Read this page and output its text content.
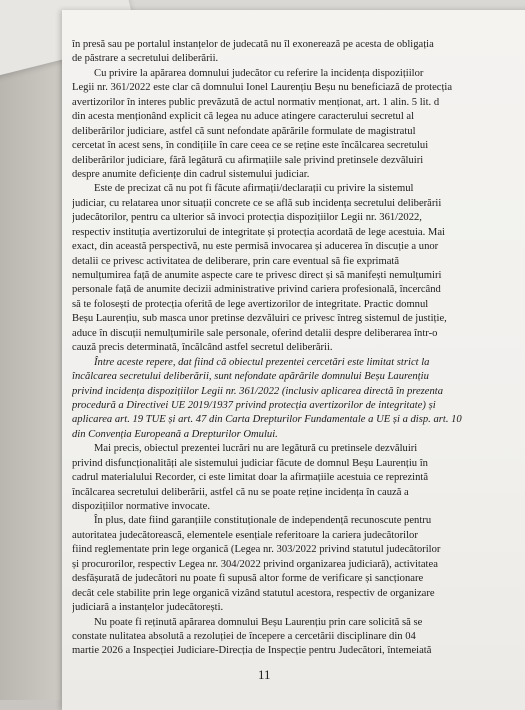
în presă sau pe portalul instanțelor de judecată nu îl exonerează pe acesta de obligația
de păstrare a secretului deliberării.
Cu privire la apărarea domnului judecător cu referire la incidența dispozițiilor
Legii nr. 361/2022 este clar că domnului Ionel Laurențiu Beșu nu beneficiază de protecția
avertizorilor în interes public prevăzută de actul normativ menționat, art. 1 alin. 5 lit. d
din acesta menționând explicit că legea nu aduce atingere caracterului secretul al
deliberărilor judiciare, astfel că sunt nefondate apărările formulate de magistratul
cercetat în acest sens, în condițiile în care ceea ce se reține este încălcarea secretului
deliberărilor judiciare, fără legătură cu afirmațiile sale privind pretinsele dezvăluiri
despre anumite deficiențe din cadrul sistemului judiciar.
Este de precizat că nu pot fi făcute afirmații/declarații cu privire la sistemul
judiciar, cu relatarea unor situații concrete ce se află sub incidența secretului deliberării
judecătorilor, pentru ca ulterior să invoci protecția dispozițiilor Legii nr. 361/2022,
respectiv instituția avertizorului de integritate și protecția acordată de lege acestuia. Mai
exact, din această perspectivă, nu este permisă invocarea și aducerea în discuție a unor
detalii ce privesc activitatea de deliberare, prin care eventual să fie exprimată
nemulțumirea față de anumite aspecte care te privesc direct și să manifești nemulțumiri
personale față de anumite decizii administrative privind cariera profesională, încercând
să te folosești de protecția oferită de lege avertizorilor de integritate. Practic domnul
Beșu Laurențiu, sub masca unor pretinse dezvăluiri ce privesc întreg sistemul de justiție,
aduce în discuții nemulțumirile sale personale, oferind detalii despre deliberarea într-o
cauză precis determinată, încălcând astfel secretul deliberării.
Între aceste repere, dat fiind că obiectul prezentei cercetări este limitat strict la
încălcarea secretului deliberării, sunt nefondate apărările domnului Beșu Laurențiu
privind incidența dispozițiilor Legii nr. 361/2022 (inclusiv aplicarea directă în prezenta
procedură a Directivei UE 2019/1937 privind protecția avertizorilor de integritate) și
aplicarea art. 19 TUE și art. 47 din Carta Drepturilor Fundamentale a UE și a disp. art. 10
din Convenția Europeană a Drepturilor Omului.
Mai precis, obiectul prezentei lucrări nu are legătură cu pretinsele dezvăluiri
privind disfuncționalități ale sistemului judiciar făcute de domnul Beșu Laurențiu în
cadrul materialului Recorder, ci este limitat doar la afirmațiile acestuia ce reprezintă
încălcarea secretului deliberării, astfel că nu se poate reține incidența în cauză a
dispozițiilor normative invocate.
În plus, date fiind garanțiile constituționale de independență recunoscute pentru
autoritatea judecătorească, elementele esențiale referitoare la cariera judecătorilor
fiind reglementate prin lege organică (Legea nr. 303/2022 privind statutul judecătorilor
și procurorilor, respectiv Legea nr. 304/2022 privind organizarea judiciară), activitatea
desfășurată de judecători nu poate fi supusă altor forme de verificare și sancționare
decât cele stabilite prin lege organică vizând statutul acestora, respectiv de organizare
judiciară a instanțelor judecătorești.
Nu poate fi reținută apărarea domnului Beșu Laurențiu prin care solicită să se
constate nulitatea absolută a rezoluției de începere a cercetării disciplinare din 04
martie 2026 a Inspecției Judiciare-Direcția de Inspecție pentru Judecători, întemeiată
11
